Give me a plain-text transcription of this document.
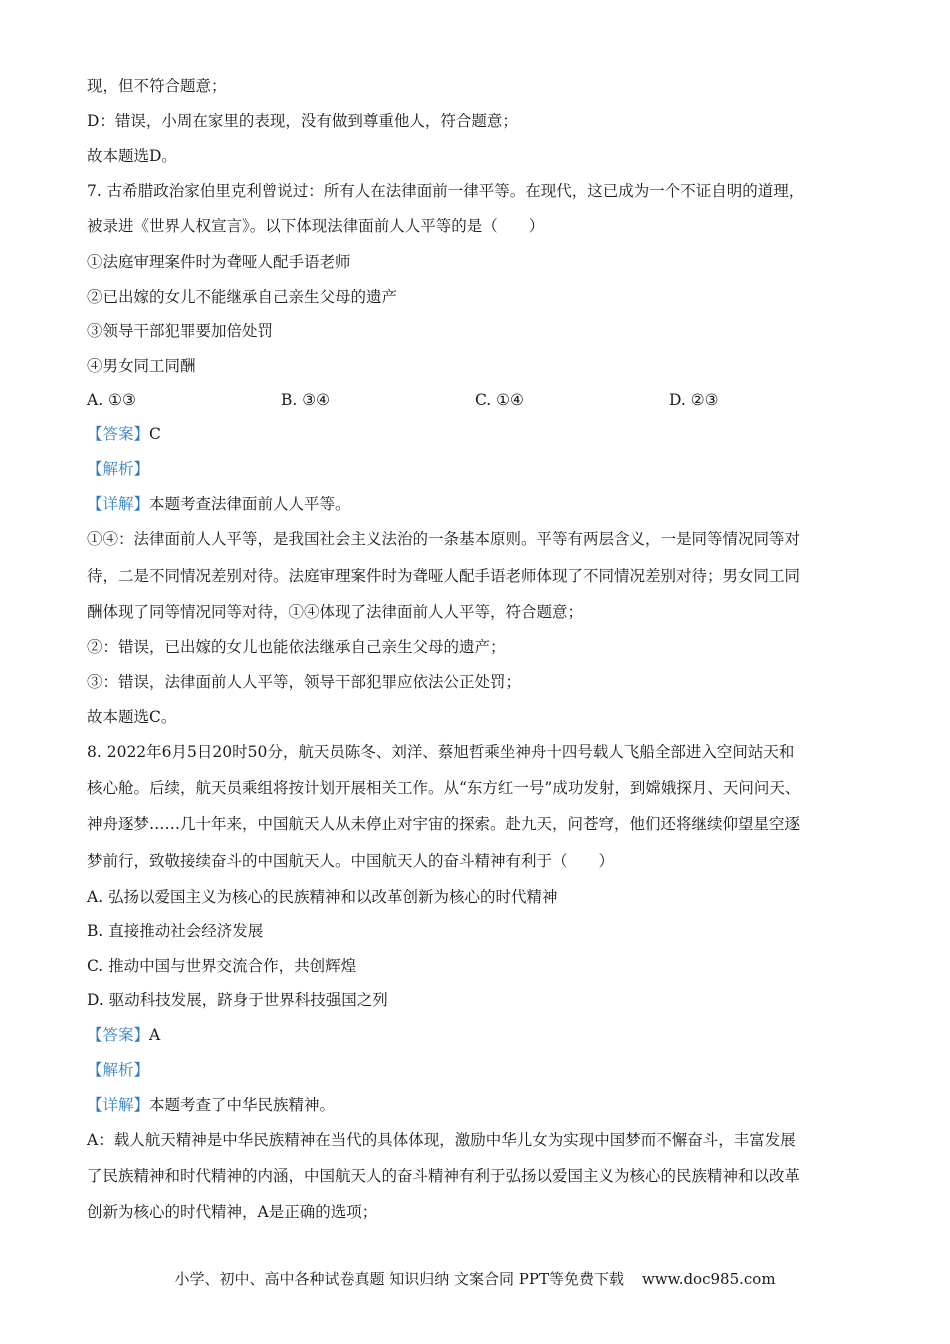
现，但不符合题意；
D：错误，小周在家里的表现，没有做到尊重他人，符合题意；
故本题选D。
7. 古希腊政治家伯里克利曾说过：所有人在法律面前一律平等。在现代，这已成为一个不证自明的道理，
被录进《世界人权宣言》。以下体现法律面前人人平等的是（　　）
①法庭审理案件时为聋哑人配手语老师
②已出嫁的女儿不能继承自己亲生父母的遗产
③领导干部犯罪要加倍处罚
④男女同工同酬
A. ①③	B. ③④	C. ①④	D. ②③
【答案】C
【解析】
【详解】本题考查法律面前人人平等。
①④：法律面前人人平等，是我国社会主义法治的一条基本原则。平等有两层含义，一是同等情况同等对
待，二是不同情况差别对待。法庭审理案件时为聋哑人配手语老师体现了不同情况差别对待；男女同工同
酬体现了同等情况同等对待，①④体现了法律面前人人平等，符合题意；
②：错误，已出嫁的女儿也能依法继承自己亲生父母的遗产；
③：错误，法律面前人人平等，领导干部犯罪应依法公正处罚；
故本题选C。
8. 2022年6月5日20时50分，航天员陈冬、刘洋、蔡旭哲乘坐神舟十四号载人飞船全部进入空间站天和
核心舱。后续，航天员乘组将按计划开展相关工作。从“东方红一号”成功发射，到嫦娥探月、天问问天、
神舟逐梦……几十年来，中国航天人从未停止对宇宙的探索。赴九天，问苍穹，他们还将继续仰望星空逐
梦前行，致敬接续奋斗的中国航天人。中国航天人的奋斗精神有利于（　　）
A. 弘扬以爱国主义为核心的民族精神和以改革创新为核心的时代精神
B. 直接推动社会经济发展
C. 推动中国与世界交流合作，共创辉煌
D. 驱动科技发展，跻身于世界科技强国之列
【答案】A
【解析】
【详解】本题考查了中华民族精神。
A：载人航天精神是中华民族精神在当代的具体体现，激励中华儿女为实现中国梦而不懈奋斗，丰富发展
了民族精神和时代精神的内涵，中国航天人的奋斗精神有利于弘扬以爱国主义为核心的民族精神和以改革
创新为核心的时代精神，A是正确的选项；
小学、初中、高中各种试卷真题 知识归纳 文案合同 PPT等免费下载 www.doc985.com
